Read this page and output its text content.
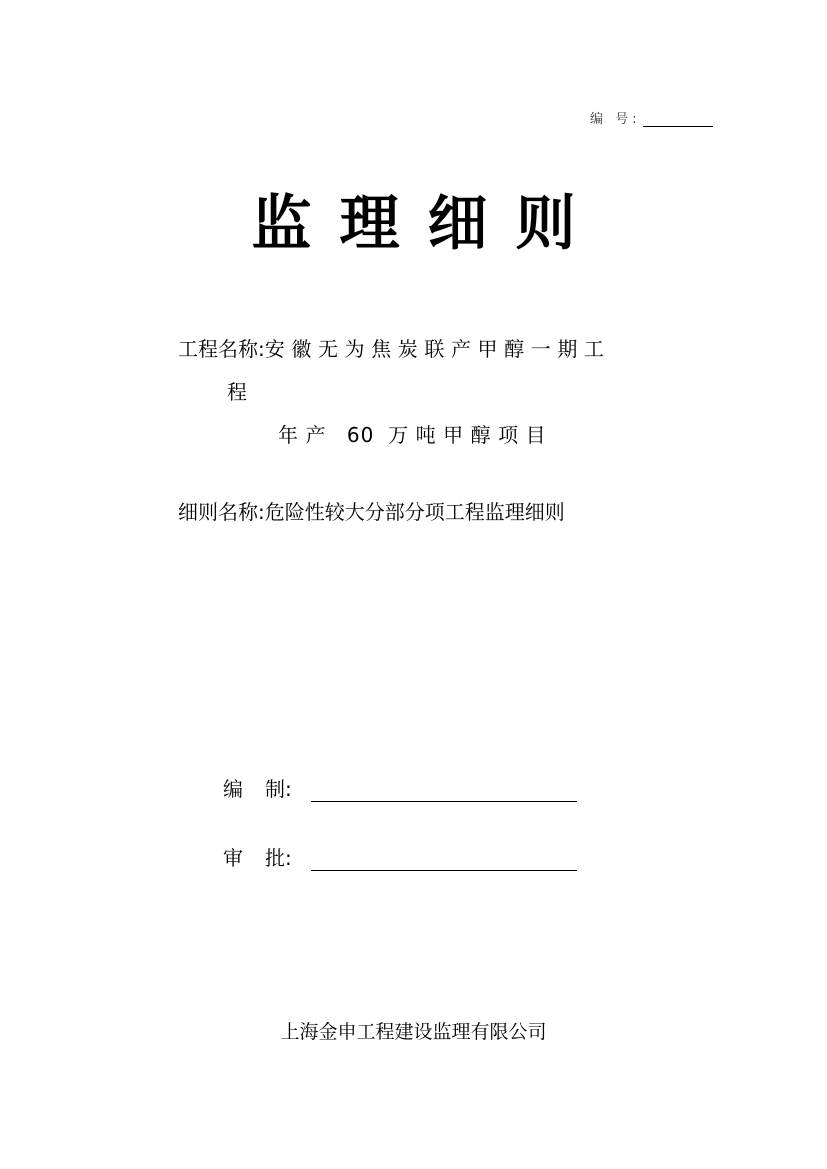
编 号:
监理细则
工程名称:安徽无为焦炭联产甲醇一期工
程
年产 60 万吨甲醇项目
细则名称:危险性较大分部分项工程监理细则
编 制:
审 批:
上海金申工程建设监理有限公司
